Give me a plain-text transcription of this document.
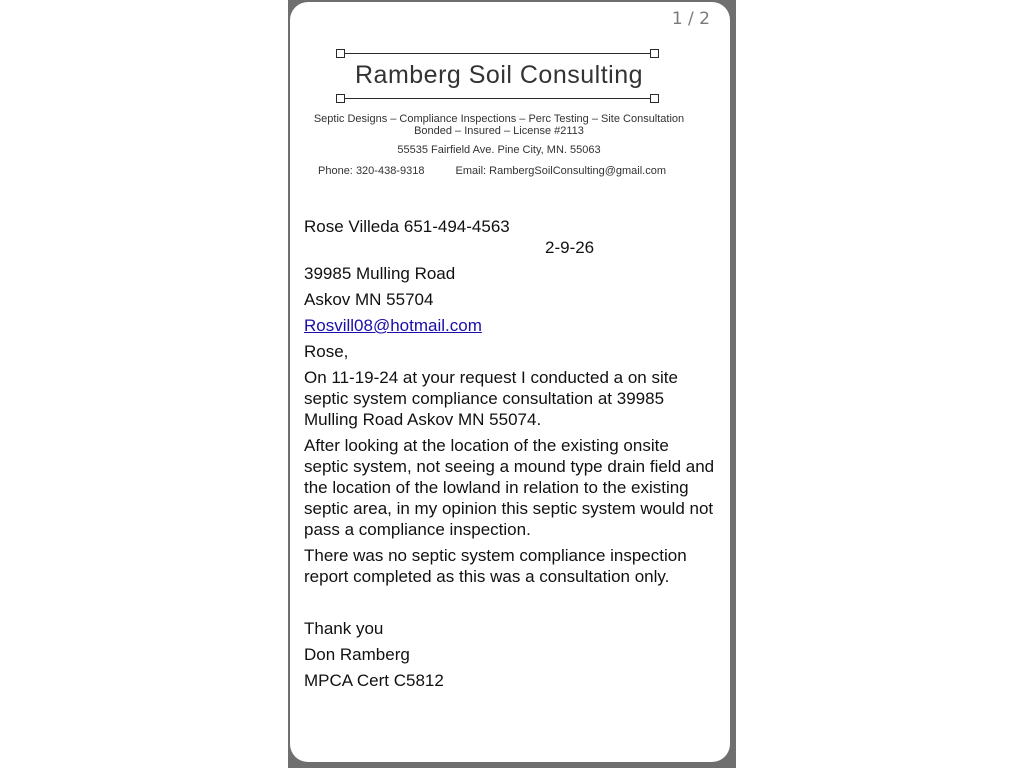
1 / 2
Ramberg Soil Consulting
Septic Designs – Compliance Inspections – Perc Testing – Site Consultation
Bonded – Insured – License #2113
55535 Fairfield Ave. Pine City, MN. 55063
Phone: 320-438-9318	Email: RambergSoilConsulting@gmail.com

Rose Villeda 651-494-4563

2-9-26

39985 Mulling Road

Askov MN 55704

Rosvill08@hotmail.com

Rose,

On 11-19-24 at your request I conducted a on site septic system compliance consultation at 39985 Mulling Road Askov MN 55074.

After looking at the location of the existing onsite septic system, not seeing a mound type drain field and the location of the lowland in relation to the existing septic area, in my opinion this septic system would not pass a compliance inspection.

There was no septic system compliance inspection report completed as this was a consultation only.

Thank you

Don Ramberg

MPCA Cert C5812
